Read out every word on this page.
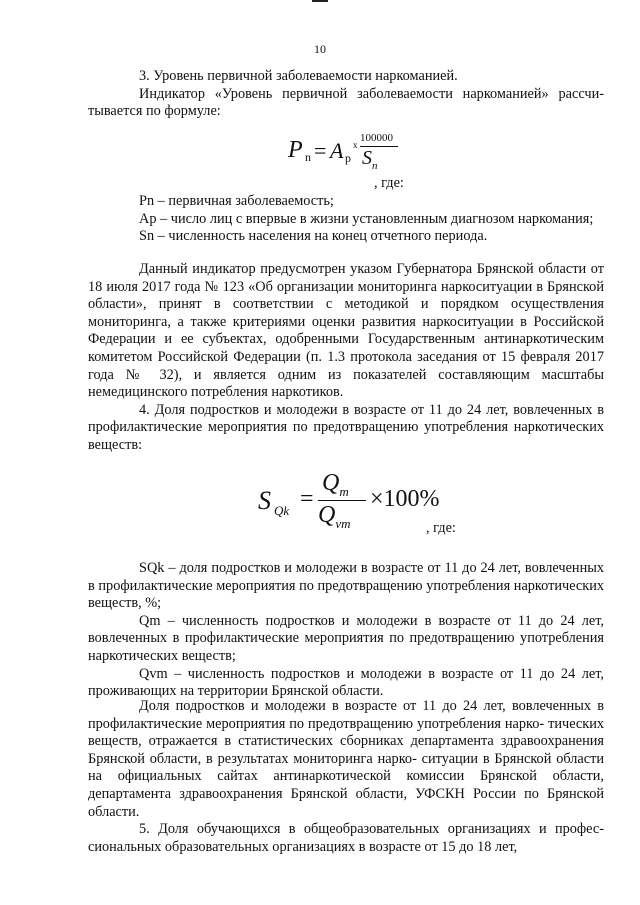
10

3. Уровень первичной заболеваемости наркоманией.

Индикатор «Уровень первичной заболеваемости наркоманией» рассчи- тывается по формуле:

P n = A p
x
100000
$S_n$
, где:

Pn – первичная заболеваемость;

Ар – число лиц с впервые в жизни установленным диагнозом наркомания;

Sn – численность населения на конец отчетного периода.

Данный индикатор предусмотрен указом Губернатора Брянской области от 18 июля 2017 года № 123 «Об организации мониторинга наркоситуации в Брянской области», принят в соответствии с методикой и порядком осуществления мониторинга, а также критериями оценки развития наркоситуации в Российской Федерации и ее субъектах, одобренными Государственным антинаркотическим комитетом Российской Федерации (п. 1.3 протокола заседания от 15 февраля 2017 года № 32), и является одним из показателей составляющим масштабы немедицинского потребления наркотиков.

4. Доля подростков и молодежи в возрасте от 11 до 24 лет, вовлеченных в профилактические мероприятия по предотвращению употребления наркотических веществ:

S Qk =
$Q_m$
$Q_{vm}$
×100%
, где:

SQk – доля подростков и молодежи в возрасте от 11 до 24 лет, вовлеченных в профилактические мероприятия по предотвращению употребления наркотических веществ, %;

Qm – численность подростков и молодежи в возрасте от 11 до 24 лет, вовлеченных в профилактические мероприятия по предотвращению употребления наркотических веществ;

Qvm – численность подростков и молодежи в возрасте от 11 до 24 лет, проживающих на территории Брянской области.

Доля подростков и молодежи в возрасте от 11 до 24 лет, вовлеченных в профилактические мероприятия по предотвращению употребления нарко- тических веществ, отражается в статистических сборниках департамента здравоохранения Брянской области, в результатах мониторинга нарко- ситуации в Брянской области на официальных сайтах антинаркотической комиссии Брянской области, департамента здравоохранения Брянской области, УФСКН России по Брянской области.

5. Доля обучающихся в общеобразовательных организациях и профес- сиональных образовательных организациях в возрасте от 15 до 18 лет,
